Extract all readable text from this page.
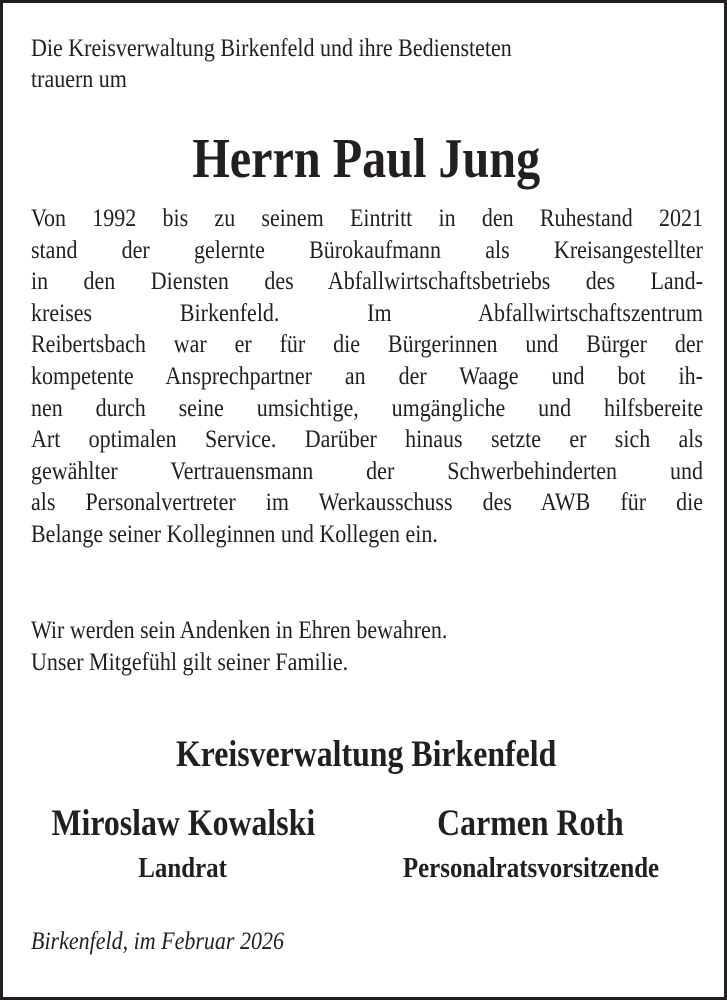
Die Kreisverwaltung Birkenfeld und ihre Bediensteten
trauern um
Herrn Paul Jung
Von 1992 bis zu seinem Eintritt in den Ruhestand 2021
stand der gelernte Bürokaufmann als Kreisangestellter
in den Diensten des Abfallwirtschaftsbetriebs des Land-
kreises Birkenfeld. Im Abfallwirtschaftszentrum
Reibertsbach war er für die Bürgerinnen und Bürger der
kompetente Ansprechpartner an der Waage und bot ih-
nen durch seine umsichtige, umgängliche und hilfsbereite
Art optimalen Service. Darüber hinaus setzte er sich als
gewählter Vertrauensmann der Schwerbehinderten und
als Personalvertreter im Werkausschuss des AWB für die
Belange seiner Kolleginnen und Kollegen ein.
Wir werden sein Andenken in Ehren bewahren.
Unser Mitgefühl gilt seiner Familie.
Kreisverwaltung Birkenfeld
Miroslaw Kowalski
Landrat
Carmen Roth
Personalratsvorsitzende
Birkenfeld, im Februar 2026
